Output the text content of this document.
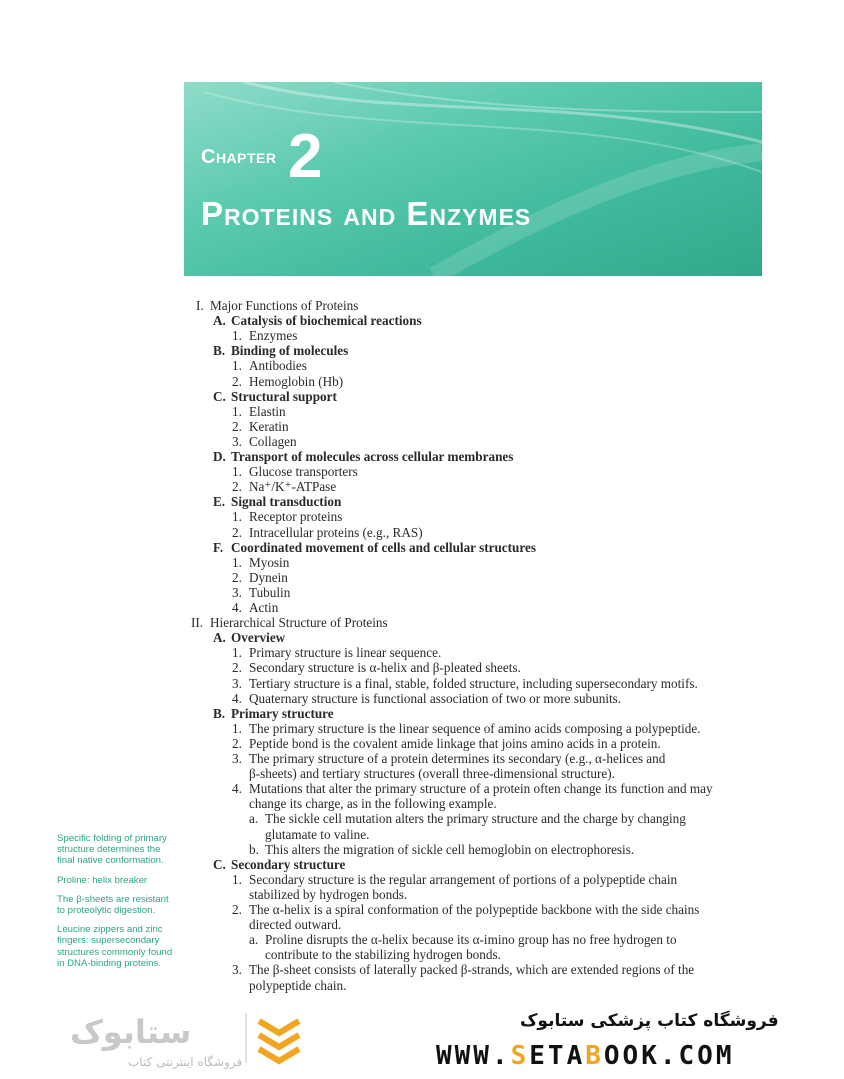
Chapter 2
Proteins and Enzymes
I. Major Functions of Proteins
A. Catalysis of biochemical reactions
1. Enzymes
B. Binding of molecules
1. Antibodies
2. Hemoglobin (Hb)
C. Structural support
1. Elastin
2. Keratin
3. Collagen
D. Transport of molecules across cellular membranes
1. Glucose transporters
2. Na⁺/K⁺-ATPase
E. Signal transduction
1. Receptor proteins
2. Intracellular proteins (e.g., RAS)
F. Coordinated movement of cells and cellular structures
1. Myosin
2. Dynein
3. Tubulin
4. Actin
II. Hierarchical Structure of Proteins
A. Overview
1. Primary structure is linear sequence.
2. Secondary structure is α-helix and β-pleated sheets.
3. Tertiary structure is a final, stable, folded structure, including supersecondary motifs.
4. Quaternary structure is functional association of two or more subunits.
B. Primary structure
1. The primary structure is the linear sequence of amino acids composing a polypeptide.
2. Peptide bond is the covalent amide linkage that joins amino acids in a protein.
3. The primary structure of a protein determines its secondary (e.g., α-helices and
β-sheets) and tertiary structures (overall three-dimensional structure).
4. Mutations that alter the primary structure of a protein often change its function and may
change its charge, as in the following example.
a. The sickle cell mutation alters the primary structure and the charge by changing
glutamate to valine.
b. This alters the migration of sickle cell hemoglobin on electrophoresis.
C. Secondary structure
1. Secondary structure is the regular arrangement of portions of a polypeptide chain
stabilized by hydrogen bonds.
2. The α-helix is a spiral conformation of the polypeptide backbone with the side chains
directed outward.
a. Proline disrupts the α-helix because its α-imino group has no free hydrogen to
contribute to the stabilizing hydrogen bonds.
3. The β-sheet consists of laterally packed β-strands, which are extended regions of the
polypeptide chain.

Specific folding of primary structure determines the final native conformation.

Proline: helix breaker

The β-sheets are resistant to proteolytic digestion.

Leucine zippers and zinc fingers: supersecondary structures commonly found in DNA-binding proteins.

ستابوک
فروشگاه اینترنتی کتاب
فروشگاه کتاب پزشکی ستابوک
WWW.SETABOOK.COM
